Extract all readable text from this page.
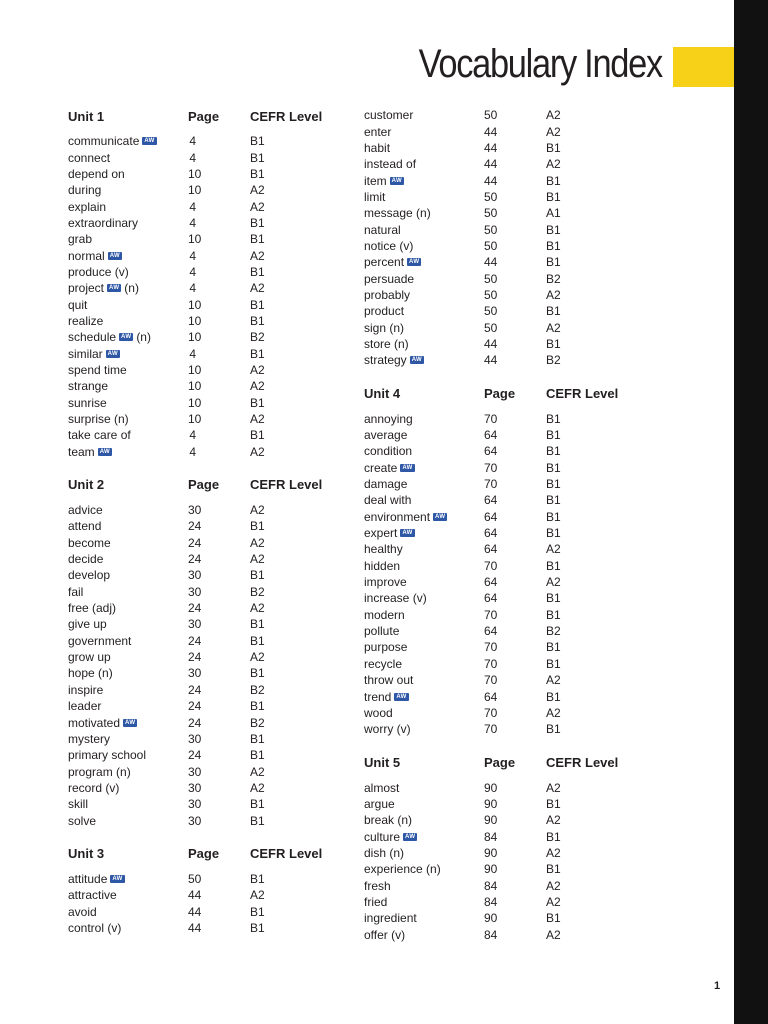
Vocabulary Index
Unit 1	Page	CEFR Level
communicate AW	4	B1
connect	4	B1
depend on	10	B1
during	10	A2
explain	4	A2
extraordinary	4	B1
grab	10	B1
normal AW	4	A2
produce (v)	4	B1
project AW (n)	4	A2
quit	10	B1
realize	10	B1
schedule AW (n)	10	B2
similar AW	4	B1
spend time	10	A2
strange	10	A2
sunrise	10	B1
surprise (n)	10	A2
take care of	4	B1
team AW	4	A2
Unit 2	Page	CEFR Level
advice	30	A2
attend	24	B1
become	24	A2
decide	24	A2
develop	30	B1
fail	30	B2
free (adj)	24	A2
give up	30	B1
government	24	B1
grow up	24	A2
hope (n)	30	B1
inspire	24	B2
leader	24	B1
motivated AW	24	B2
mystery	30	B1
primary school	24	B1
program (n)	30	A2
record (v)	30	A2
skill	30	B1
solve	30	B1
Unit 3	Page	CEFR Level
attitude AW	50	B1
attractive	44	A2
avoid	44	B1
control (v)	44	B1
customer	50	A2
enter	44	A2
habit	44	B1
instead of	44	A2
item AW	44	B1
limit	50	B1
message (n)	50	A1
natural	50	B1
notice (v)	50	B1
percent AW	44	B1
persuade	50	B2
probably	50	A2
product	50	B1
sign (n)	50	A2
store (n)	44	B1
strategy AW	44	B2
Unit 4	Page	CEFR Level
annoying	70	B1
average	64	B1
condition	64	B1
create AW	70	B1
damage	70	B1
deal with	64	B1
environment AW	64	B1
expert AW	64	B1
healthy	64	A2
hidden	70	B1
improve	64	A2
increase (v)	64	B1
modern	70	B1
pollute	64	B2
purpose	70	B1
recycle	70	B1
throw out	70	A2
trend AW	64	B1
wood	70	A2
worry (v)	70	B1
Unit 5	Page	CEFR Level
almost	90	A2
argue	90	B1
break (n)	90	A2
culture AW	84	B1
dish (n)	90	A2
experience (n)	90	B1
fresh	84	A2
fried	84	A2
ingredient	90	B1
offer (v)	84	A2
1
